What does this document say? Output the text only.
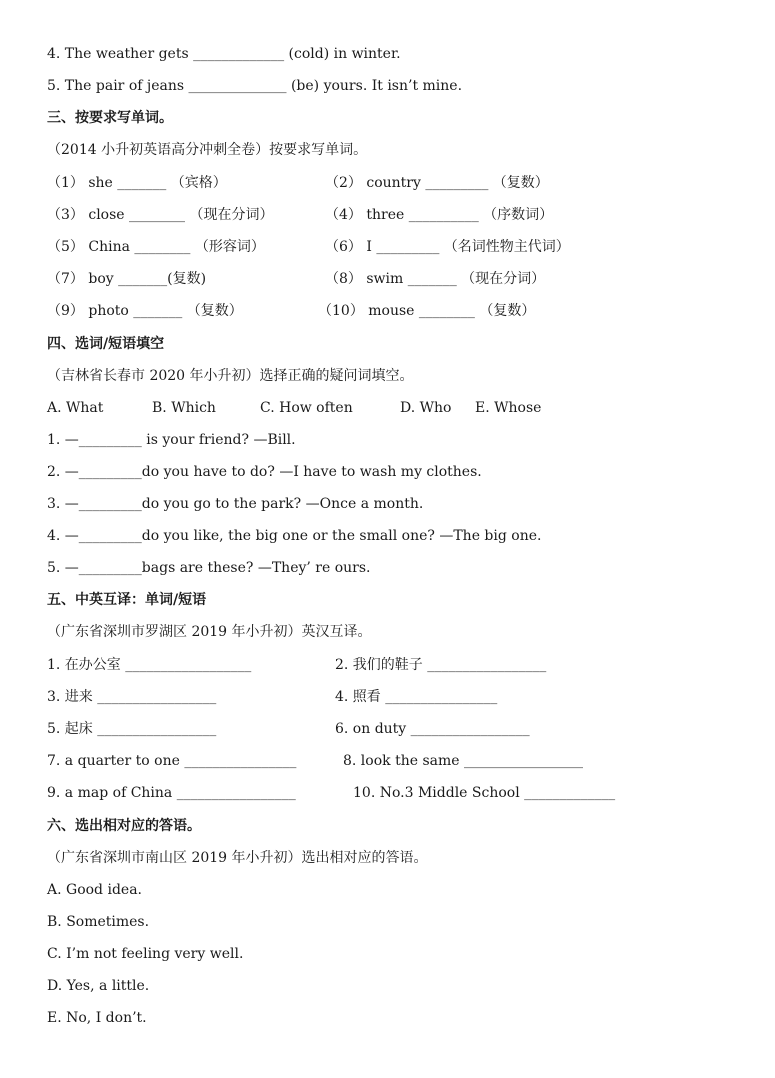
4. The weather gets _____________ (cold) in winter.
5. The pair of jeans ______________ (be) yours. It isn’t mine.
三、按要求写单词。
（2014 小升初英语高分冲刺全卷）按要求写单词。
（1） she _______ （宾格）	（2） country _________ （复数）
（3） close ________ （现在分词）	（4） three __________ （序数词）
（5） China ________ （形容词）	（6） I _________ （名词性物主代词）
（7） boy _______(复数)	（8） swim _______ （现在分词）
（9） photo _______ （复数）	（10） mouse ________ （复数）
四、选词/短语填空
（吉林省长春市 2020 年小升初）选择正确的疑问词填空。
A. What	B. Which	C. How often	D. Who E. Whose
1. —_________ is your friend? —Bill.
2. —_________do you have to do? —I have to wash my clothes.
3. —_________do you go to the park? —Once a month.
4. —_________do you like, the big one or the small one? —The big one.
5. —_________bags are these? —They’ re ours.
五、中英互译：单词/短语
（广东省深圳市罗湖区 2019 年小升初）英汉互译。
1. 在办公室 __________________	2. 我们的鞋子 _________________
3. 进来 _________________	4. 照看 ________________
5. 起床 _________________	6. on duty _________________
7. a quarter to one ________________	8. look the same _________________
9. a map of China _________________	10. No.3 Middle School _____________
六、选出相对应的答语。
（广东省深圳市南山区 2019 年小升初）选出相对应的答语。
A. Good idea.
B. Sometimes.
C. I’m not feeling very well.
D. Yes, a little.
E. No, I don’t.
